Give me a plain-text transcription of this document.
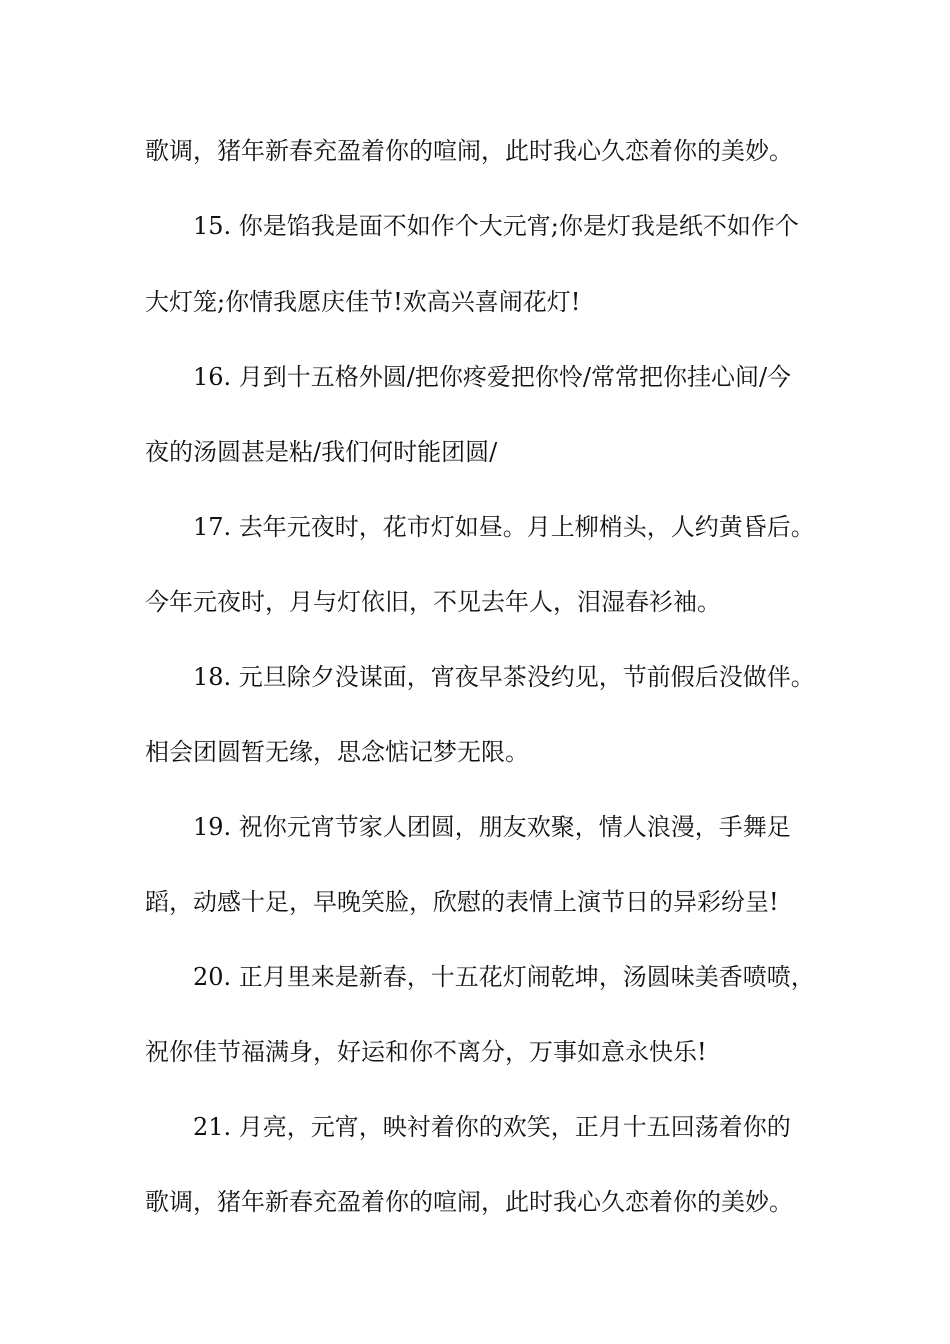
歌调，猪年新春充盈着你的喧闹，此时我心久恋着你的美妙。
15. 你是馅我是面不如作个大元宵;你是灯我是纸不如作个
大灯笼;你情我愿庆佳节!欢高兴喜闹花灯!
16. 月到十五格外圆/把你疼爱把你怜/常常把你挂心间/今
夜的汤圆甚是粘/我们何时能团圆/
17. 去年元夜时，花市灯如昼。月上柳梢头，人约黄昏后。
今年元夜时，月与灯依旧，不见去年人，泪湿春衫袖。
18. 元旦除夕没谋面，宵夜早茶没约见，节前假后没做伴。
相会团圆暂无缘，思念惦记梦无限。
19. 祝你元宵节家人团圆，朋友欢聚，情人浪漫，手舞足
蹈，动感十足，早晚笑脸，欣慰的表情上演节日的异彩纷呈!
20. 正月里来是新春，十五花灯闹乾坤，汤圆味美香喷喷，
祝你佳节福满身，好运和你不离分，万事如意永快乐!
21. 月亮，元宵，映衬着你的欢笑，正月十五回荡着你的
歌调，猪年新春充盈着你的喧闹，此时我心久恋着你的美妙。
